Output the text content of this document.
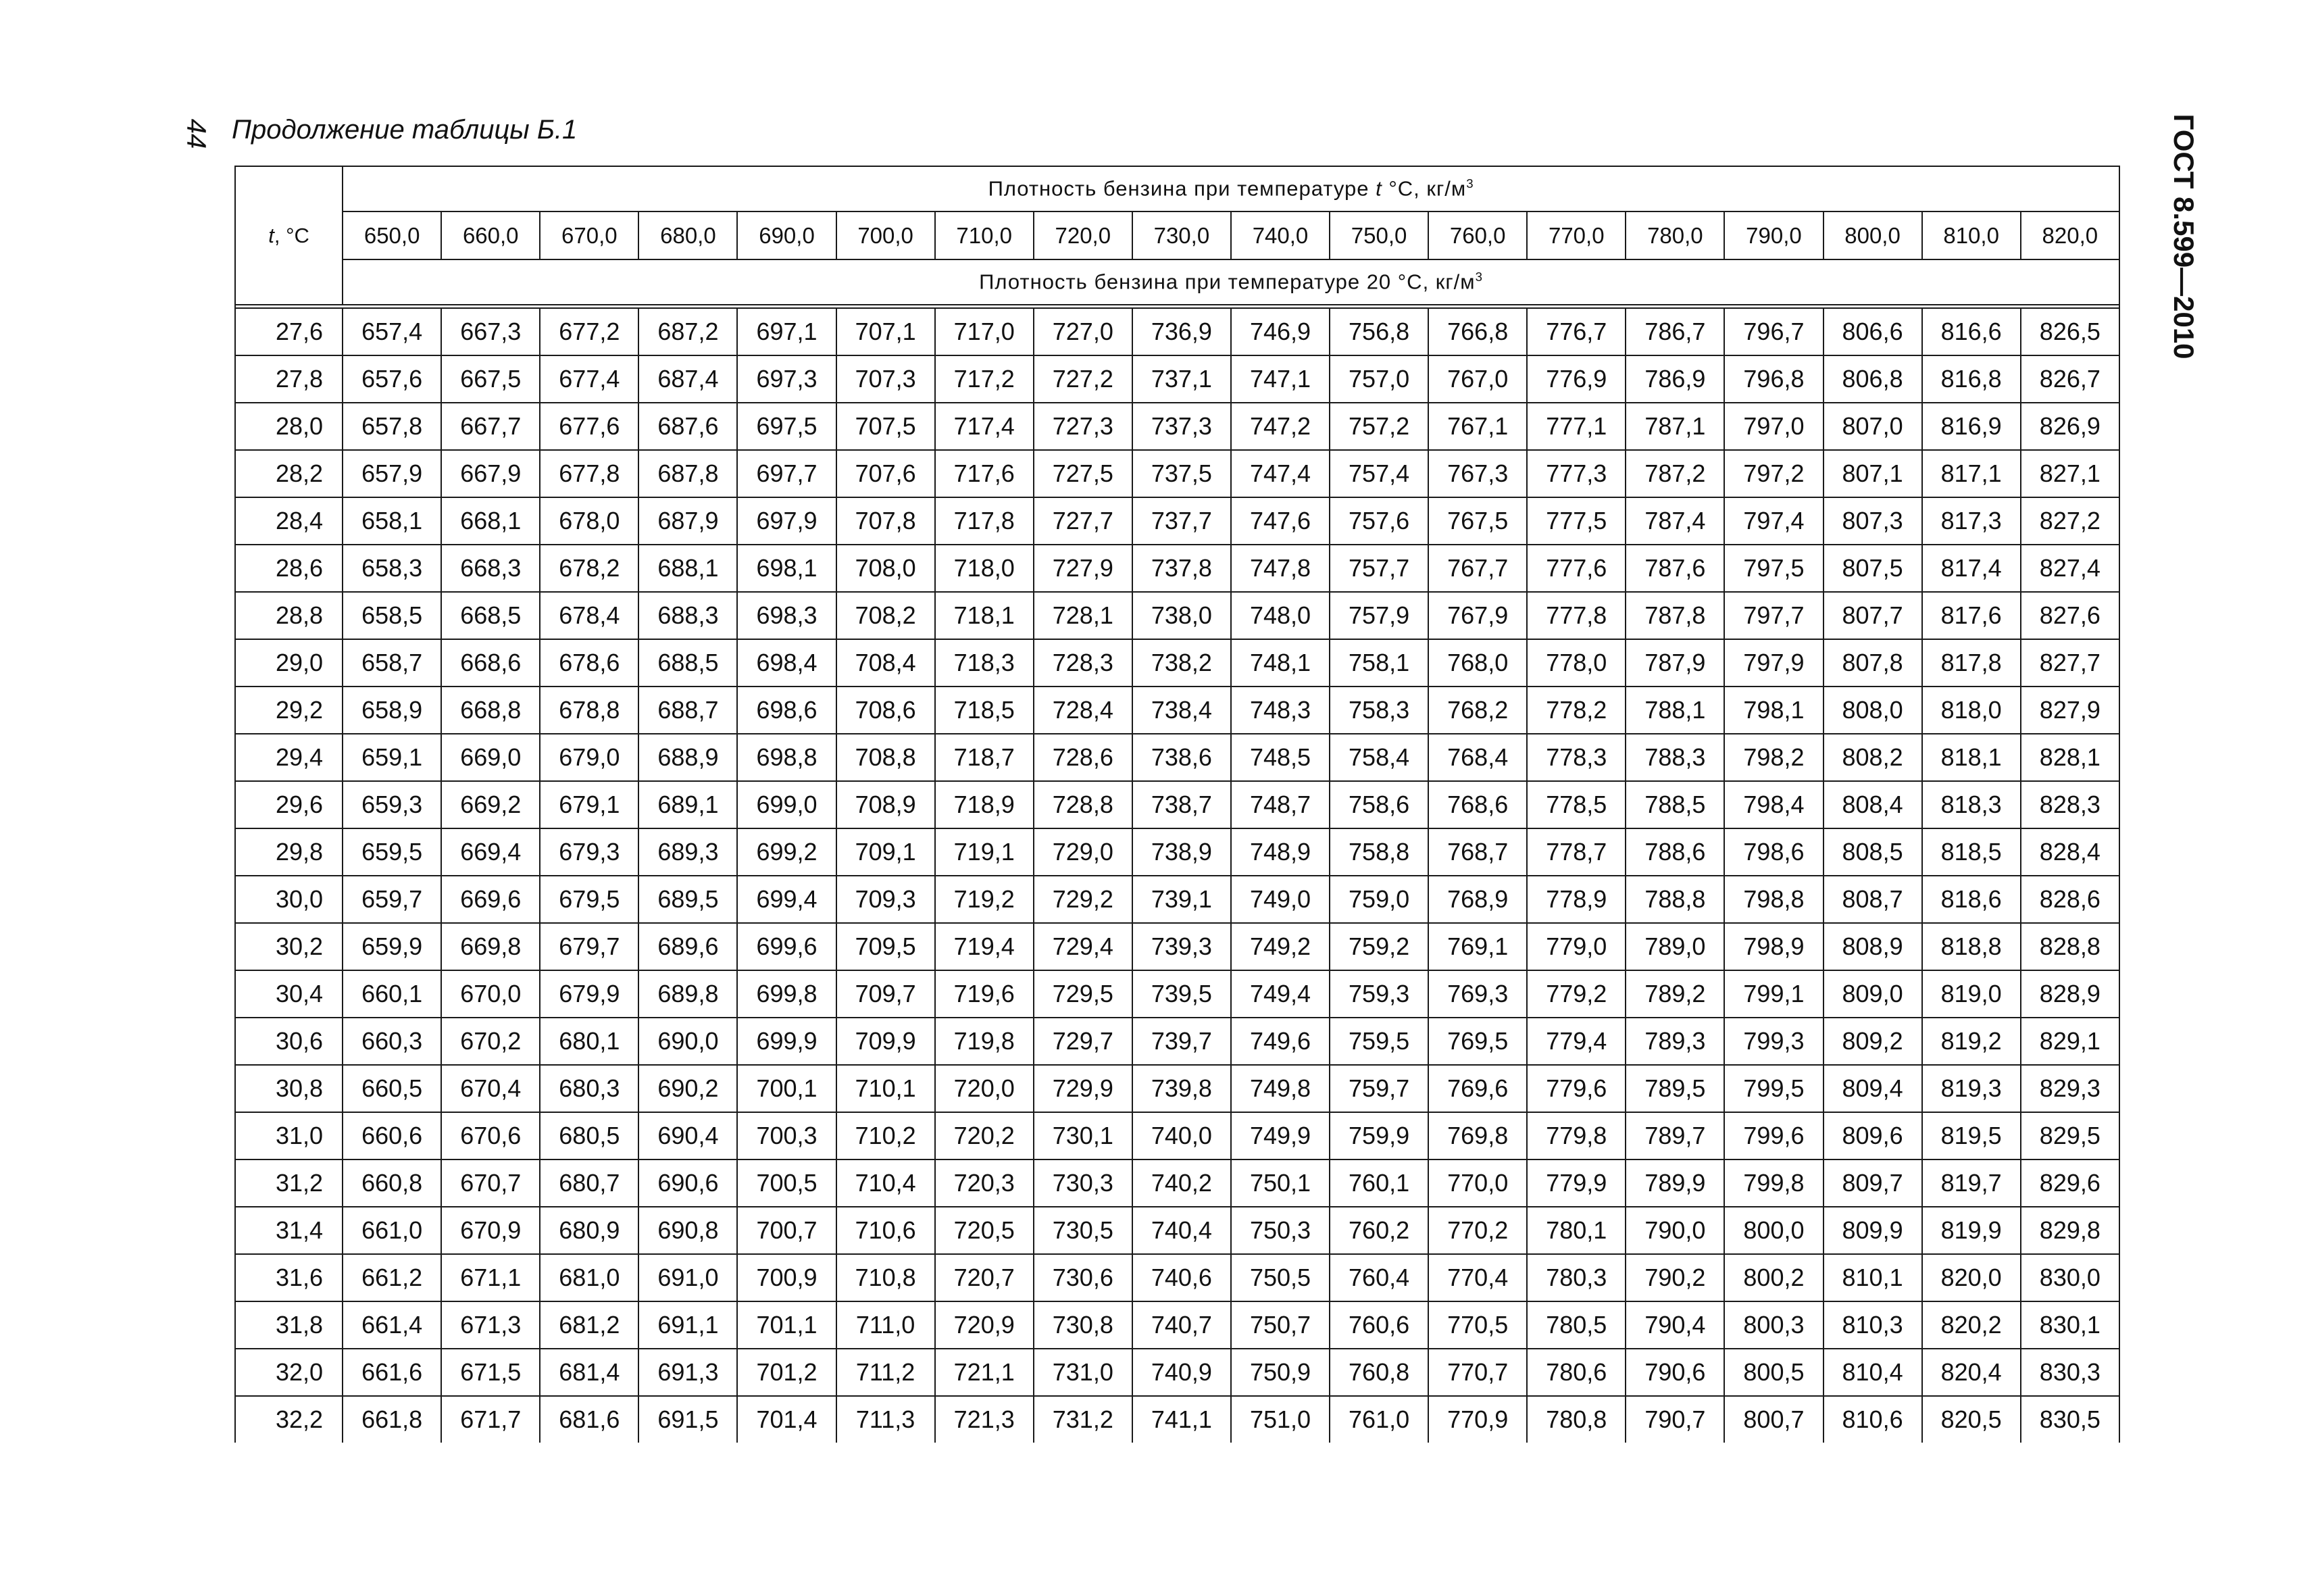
44 Продолжение таблицы Б.1	ГОСТ 8.599—2010
t, °С	Плотность бензина при температуре t °С, $кг/м^3$
	650,0	660,0	670,0	680,0	690,0	700,0	710,0	720,0	730,0	740,0	750,0	760,0	770,0	780,0	790,0	800,0	810,0	820,0
	Плотность бензина при температуре 20 °С, $кг/м^3$

27,6	657,4	667,3	677,2	687,2	697,1	707,1	717,0	727,0	736,9	746,9	756,8	766,8	776,7	786,7	796,7	806,6	816,6	826,5
27,8	657,6	667,5	677,4	687,4	697,3	707,3	717,2	727,2	737,1	747,1	757,0	767,0	776,9	786,9	796,8	806,8	816,8	826,7
28,0	657,8	667,7	677,6	687,6	697,5	707,5	717,4	727,3	737,3	747,2	757,2	767,1	777,1	787,1	797,0	807,0	816,9	826,9
28,2	657,9	667,9	677,8	687,8	697,7	707,6	717,6	727,5	737,5	747,4	757,4	767,3	777,3	787,2	797,2	807,1	817,1	827,1
28,4	658,1	668,1	678,0	687,9	697,9	707,8	717,8	727,7	737,7	747,6	757,6	767,5	777,5	787,4	797,4	807,3	817,3	827,2
28,6	658,3	668,3	678,2	688,1	698,1	708,0	718,0	727,9	737,8	747,8	757,7	767,7	777,6	787,6	797,5	807,5	817,4	827,4
28,8	658,5	668,5	678,4	688,3	698,3	708,2	718,1	728,1	738,0	748,0	757,9	767,9	777,8	787,8	797,7	807,7	817,6	827,6
29,0	658,7	668,6	678,6	688,5	698,4	708,4	718,3	728,3	738,2	748,1	758,1	768,0	778,0	787,9	797,9	807,8	817,8	827,7
29,2	658,9	668,8	678,8	688,7	698,6	708,6	718,5	728,4	738,4	748,3	758,3	768,2	778,2	788,1	798,1	808,0	818,0	827,9
29,4	659,1	669,0	679,0	688,9	698,8	708,8	718,7	728,6	738,6	748,5	758,4	768,4	778,3	788,3	798,2	808,2	818,1	828,1
29,6	659,3	669,2	679,1	689,1	699,0	708,9	718,9	728,8	738,7	748,7	758,6	768,6	778,5	788,5	798,4	808,4	818,3	828,3
29,8	659,5	669,4	679,3	689,3	699,2	709,1	719,1	729,0	738,9	748,9	758,8	768,7	778,7	788,6	798,6	808,5	818,5	828,4
30,0	659,7	669,6	679,5	689,5	699,4	709,3	719,2	729,2	739,1	749,0	759,0	768,9	778,9	788,8	798,8	808,7	818,6	828,6
30,2	659,9	669,8	679,7	689,6	699,6	709,5	719,4	729,4	739,3	749,2	759,2	769,1	779,0	789,0	798,9	808,9	818,8	828,8
30,4	660,1	670,0	679,9	689,8	699,8	709,7	719,6	729,5	739,5	749,4	759,3	769,3	779,2	789,2	799,1	809,0	819,0	828,9
30,6	660,3	670,2	680,1	690,0	699,9	709,9	719,8	729,7	739,7	749,6	759,5	769,5	779,4	789,3	799,3	809,2	819,2	829,1
30,8	660,5	670,4	680,3	690,2	700,1	710,1	720,0	729,9	739,8	749,8	759,7	769,6	779,6	789,5	799,5	809,4	819,3	829,3
31,0	660,6	670,6	680,5	690,4	700,3	710,2	720,2	730,1	740,0	749,9	759,9	769,8	779,8	789,7	799,6	809,6	819,5	829,5
31,2	660,8	670,7	680,7	690,6	700,5	710,4	720,3	730,3	740,2	750,1	760,1	770,0	779,9	789,9	799,8	809,7	819,7	829,6
31,4	661,0	670,9	680,9	690,8	700,7	710,6	720,5	730,5	740,4	750,3	760,2	770,2	780,1	790,0	800,0	809,9	819,9	829,8
31,6	661,2	671,1	681,0	691,0	700,9	710,8	720,7	730,6	740,6	750,5	760,4	770,4	780,3	790,2	800,2	810,1	820,0	830,0
31,8	661,4	671,3	681,2	691,1	701,1	711,0	720,9	730,8	740,7	750,7	760,6	770,5	780,5	790,4	800,3	810,3	820,2	830,1
32,0	661,6	671,5	681,4	691,3	701,2	711,2	721,1	731,0	740,9	750,9	760,8	770,7	780,6	790,6	800,5	810,4	820,4	830,3
32,2	661,8	671,7	681,6	691,5	701,4	711,3	721,3	731,2	741,1	751,0	761,0	770,9	780,8	790,7	800,7	810,6	820,5	830,5
